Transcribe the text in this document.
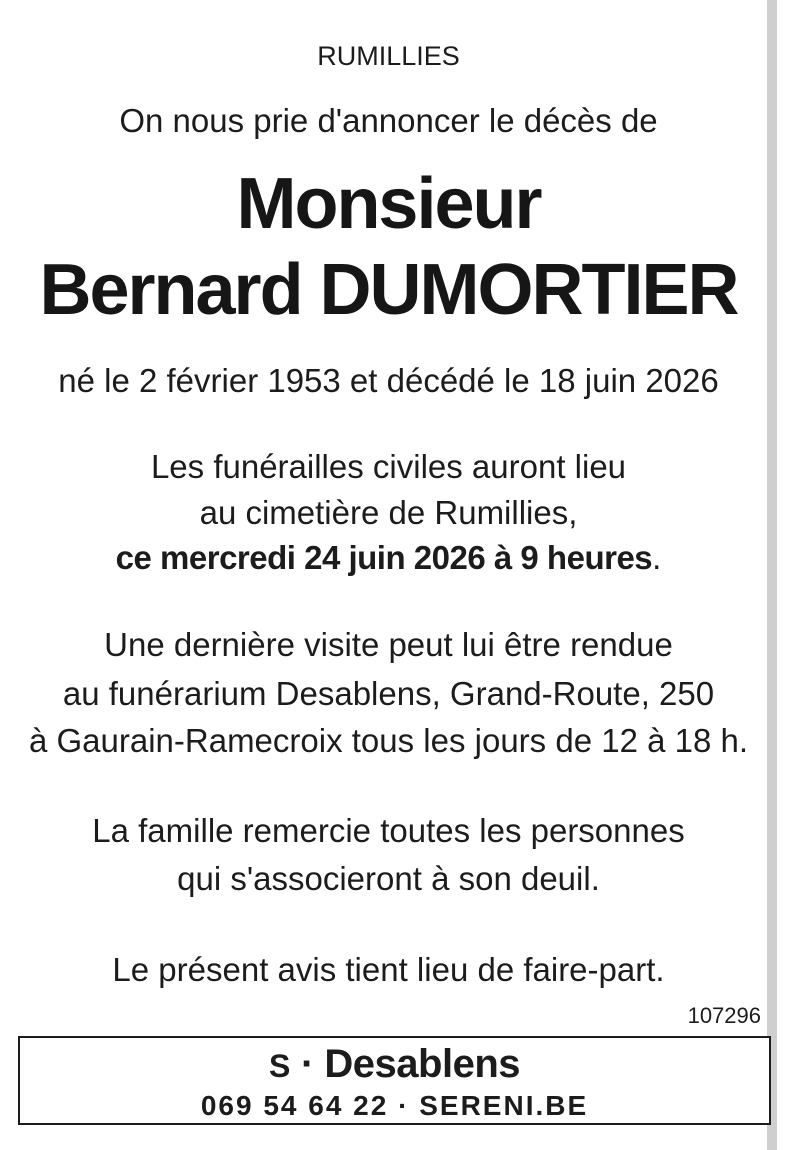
RUMILLIES
On nous prie d'annoncer le décès de
Monsieur
Bernard DUMORTIER
né le 2 février 1953 et décédé le 18 juin 2026
Les funérailles civiles auront lieu
au cimetière de Rumillies,
ce mercredi 24 juin 2026 à 9 heures.
Une dernière visite peut lui être rendue
au funérarium Desablens, Grand-Route, 250
à Gaurain-Ramecroix tous les jours de 12 à 18 h.
La famille remercie toutes les personnes
qui s'associeront à son deuil.
Le présent avis tient lieu de faire-part.
107296
S · Desablens
069 54 64 22 · SERENI.BE
